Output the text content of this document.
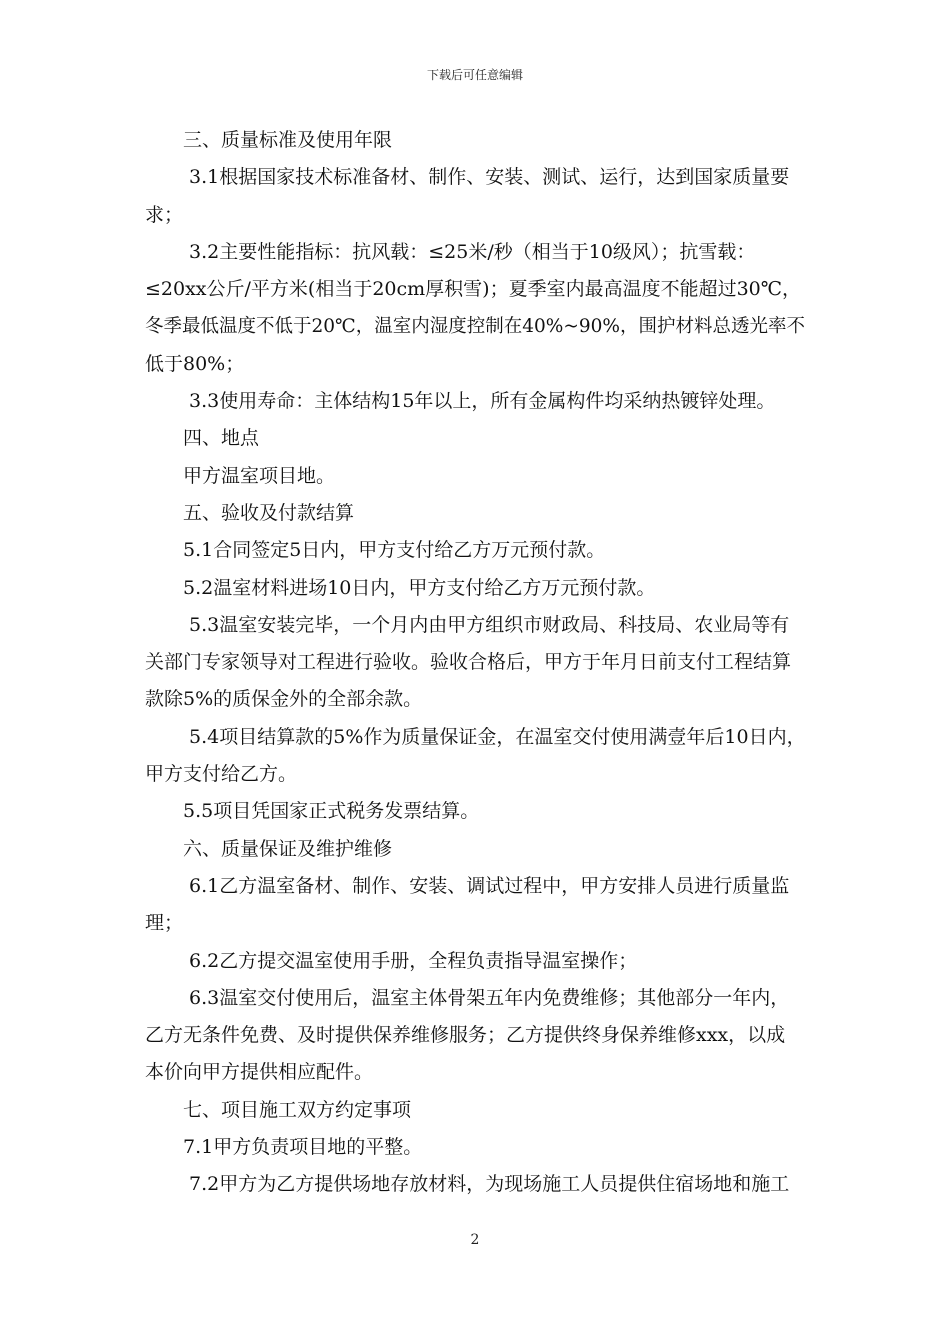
下载后可任意编辑

　　三、质量标准及使用年限

　　 3.1根据国家技术标准备材、制作、安装、测试、运行，达到国家质量要

求；

　　 3.2主要性能指标：抗风载：≤25米/秒（相当于10级风）；抗雪载：

≤20xx公斤/平方米(相当于20cm厚积雪)；夏季室内最高温度不能超过30℃，

冬季最低温度不低于20℃，温室内湿度控制在40%~90%，围护材料总透光率不

低于80%；

　　 3.3使用寿命：主体结构15年以上，所有金属构件均采纳热镀锌处理。

　　四、地点

　　甲方温室项目地。

　　五、验收及付款结算

　　5.1合同签定5日内，甲方支付给乙方万元预付款。

　　5.2温室材料进场10日内，甲方支付给乙方万元预付款。

　　 5.3温室安装完毕，一个月内由甲方组织市财政局、科技局、农业局等有

关部门专家领导对工程进行验收。验收合格后，甲方于年月日前支付工程结算

款除5%的质保金外的全部余款。

　　 5.4项目结算款的5%作为质量保证金，在温室交付使用满壹年后10日内，

甲方支付给乙方。

　　5.5项目凭国家正式税务发票结算。

　　六、质量保证及维护维修

　　 6.1乙方温室备材、制作、安装、调试过程中，甲方安排人员进行质量监

理；

　　 6.2乙方提交温室使用手册，全程负责指导温室操作；

　　 6.3温室交付使用后，温室主体骨架五年内免费维修；其他部分一年内，

乙方无条件免费、及时提供保养维修服务；乙方提供终身保养维修xxx，以成

本价向甲方提供相应配件。

　　七、项目施工双方约定事项

　　7.1甲方负责项目地的平整。

　　 7.2甲方为乙方提供场地存放材料，为现场施工人员提供住宿场地和施工

2
